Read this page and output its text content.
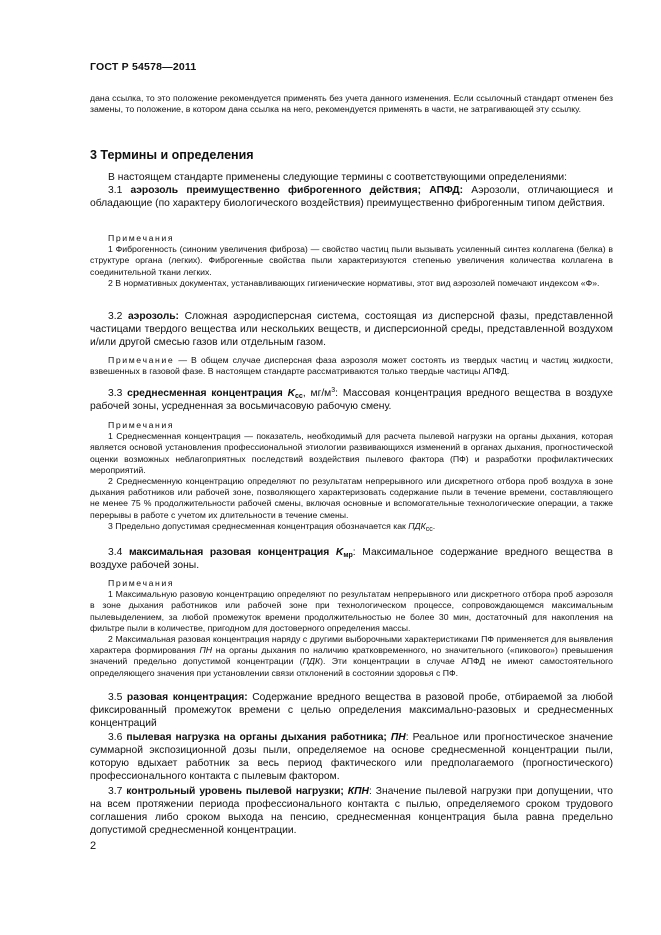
ГОСТ Р 54578—2011

дана ссылка, то это положение рекомендуется применять без учета данного изменения. Если ссылочный стандарт отменен без замены, то положение, в котором дана ссылка на него, рекомендуется применять в части, не затрагивающей эту ссылку.

3 Термины и определения

В настоящем стандарте применены следующие термины с соответствующими определениями:

3.1 аэрозоль преимущественно фиброгенного действия; АПФД: Аэрозоли, отличающиеся и обладающие (по характеру биологического воздействия) преимущественно фиброгенным типом действия.

Примечания

1 Фиброгенность (синоним увеличения фиброза) — свойство частиц пыли вызывать усиленный синтез коллагена (белка) в структуре органа (легких). Фиброгенные свойства пыли характеризуются степенью увеличения количества коллагена в соединительной ткани легких.

2 В нормативных документах, устанавливающих гигиенические нормативы, этот вид аэрозолей помечают индексом «Ф».

3.2 аэрозоль: Сложная аэродисперсная система, состоящая из дисперсной фазы, представленной частицами твердого вещества или нескольких веществ, и дисперсионной среды, представленной воздухом и/или другой смесью газов или отдельным газом.

Примечание — В общем случае дисперсная фаза аэрозоля может состоять из твердых частиц и частиц жидкости, взвешенных в газовой фазе. В настоящем стандарте рассматриваются только твердые частицы АПФД.

3.3 среднесменная концентрация $K_{сс}$, $мг/м^3$: Массовая концентрация вредного вещества в воздухе рабочей зоны, усредненная за восьмичасовую рабочую смену.

Примечания

1 Среднесменная концентрация — показатель, необходимый для расчета пылевой нагрузки на органы дыхания, которая является основой установления профессиональной этиологии развивающихся изменений в органах дыхания, прогностической оценки возможных неблагоприятных последствий воздействия пылевого фактора (ПФ) и разработки профилактических мероприятий.

2 Среднесменную концентрацию определяют по результатам непрерывного или дискретного отбора проб воздуха в зоне дыхания работников или рабочей зоне, позволяющего характеризовать содержание пыли в течение времени, составляющего не менее 75 % продолжительности рабочей смены, включая основные и вспомогательные технологические операции, а также перерывы в работе с учетом их длительности в течение смены.

3 Предельно допустимая среднесменная концентрация обозначается как $ПДК_{сс}$.

3.4 максимальная разовая концентрация $K_{мр}$: Максимальное содержание вредного вещества в воздухе рабочей зоны.

Примечания

1 Максимальную разовую концентрацию определяют по результатам непрерывного или дискретного отбора проб аэрозоля в зоне дыхания работников или рабочей зоне при технологическом процессе, сопровождающемся максимальным пылевыделением, за любой промежуток времени продолжительностью не более 30 мин, достаточный для накопления на фильтре пыли в количестве, пригодном для достоверного определения массы.

2 Максимальная разовая концентрация наряду с другими выборочными характеристиками ПФ применяется для выявления характера формирования ПН на органы дыхания по наличию кратковременного, но значительного («пикового») превышения значений предельно допустимой концентрации (ПДК). Эти концентрации в случае АПФД не имеют самостоятельного определяющего значения при установлении связи отклонений в состоянии здоровья с ПФ.

3.5 разовая концентрация: Содержание вредного вещества в разовой пробе, отбираемой за любой фиксированный промежуток времени с целью определения максимально-разовых и среднесменных концентраций

3.6 пылевая нагрузка на органы дыхания работника; ПН: Реальное или прогностическое значение суммарной экспозиционной дозы пыли, определяемое на основе среднесменной концентрации пыли, которую вдыхает работник за весь период фактического или предполагаемого (прогностического) профессионального контакта с пылевым фактором.

3.7 контрольный уровень пылевой нагрузки; КПН: Значение пылевой нагрузки при допущении, что на всем протяжении периода профессионального контакта с пылью, определяемого сроком трудового соглашения либо сроком выхода на пенсию, среднесменная концентрация была равна предельно допустимой среднесменной концентрации.

2
